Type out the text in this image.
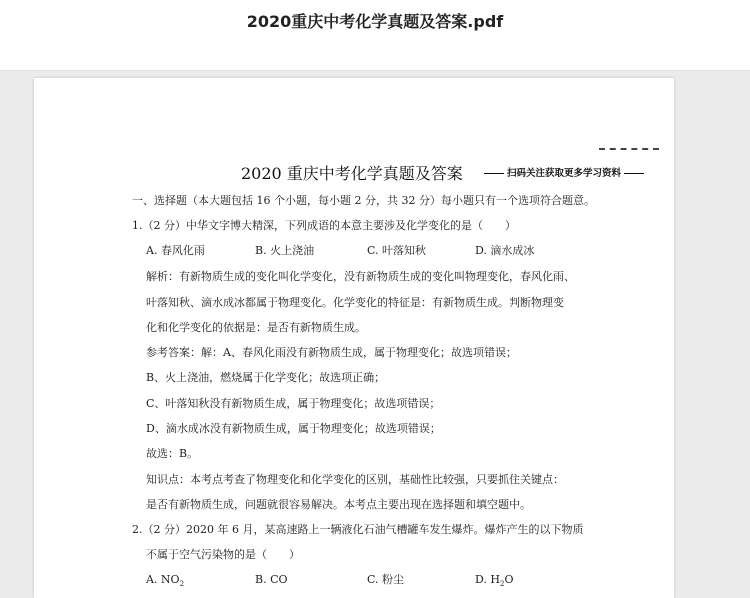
2020重庆中考化学真题及答案.pdf
2020 重庆中考化学真题及答案	扫码关注获取更多学习资料
一、选择题（本大题包括 16 个小题，每小题 2 分，共 32 分）每小题只有一个选项符合题意。
1.（2 分）中华文字博大精深，下列成语的本意主要涉及化学变化的是（　　）
A. 春风化雨	B. 火上浇油	C. 叶落知秋	D. 滴水成冰
解析：有新物质生成的变化叫化学变化，没有新物质生成的变化叫物理变化，春风化雨、
叶落知秋、滴水成冰都属于物理变化。化学变化的特征是：有新物质生成。判断物理变
化和化学变化的依据是：是否有新物质生成。
参考答案：解：A、春风化雨没有新物质生成，属于物理变化；故选项错误；
B、火上浇油，燃烧属于化学变化；故选项正确；
C、叶落知秋没有新物质生成，属于物理变化；故选项错误；
D、滴水成冰没有新物质生成，属于物理变化；故选项错误；
故选：B。
知识点：本考点考查了物理变化和化学变化的区别，基础性比较强，只要抓住关键点：
是否有新物质生成，问题就很容易解决。本考点主要出现在选择题和填空题中。
2.（2 分）2020 年 6 月，某高速路上一辆液化石油气槽罐车发生爆炸。爆炸产生的以下物质
不属于空气污染物的是（　　）
A. $NO_2$	B. CO	C. 粉尘	D. $H_2O$
